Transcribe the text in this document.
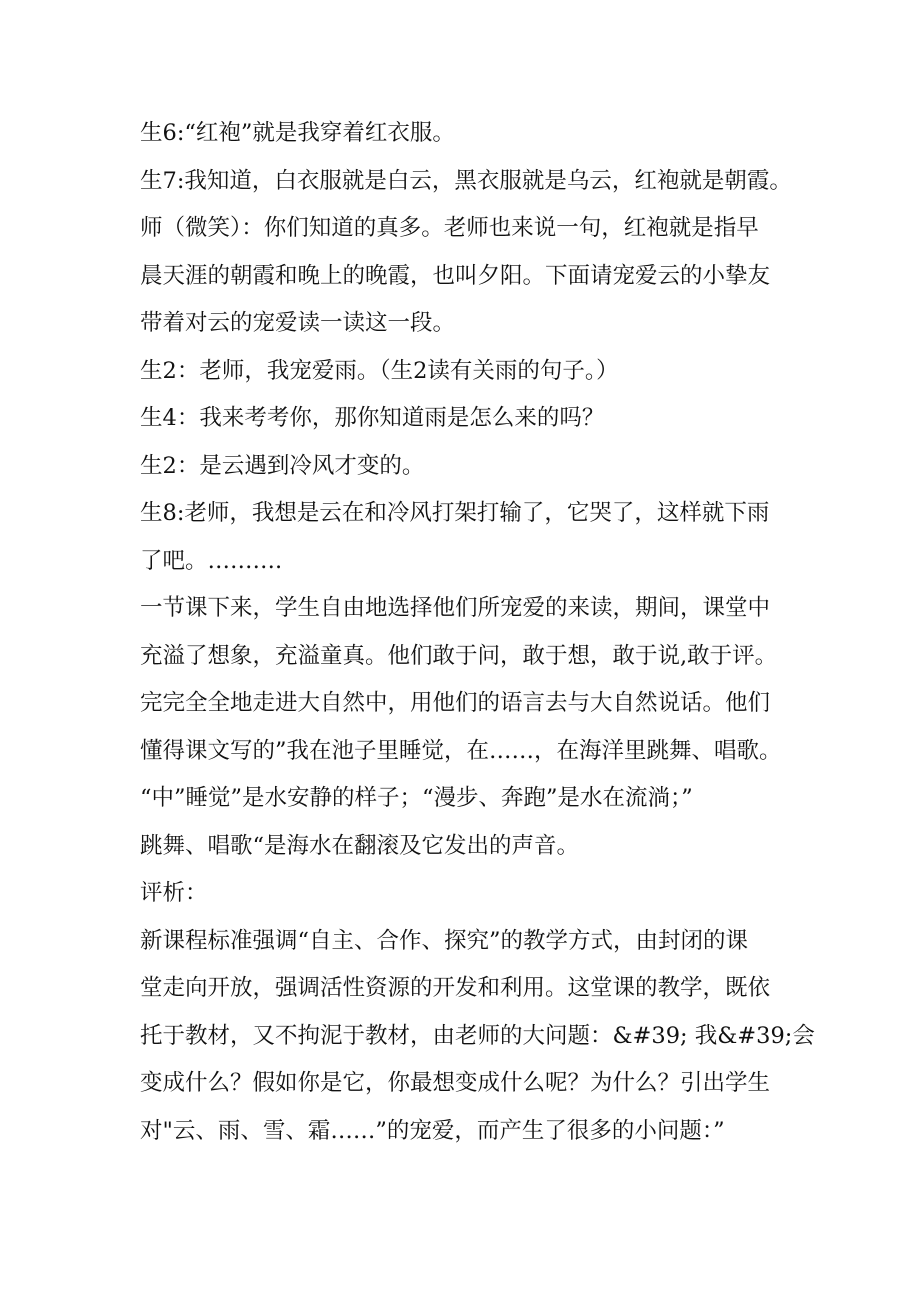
生6:“红袍”就是我穿着红衣服。
生7:我知道，白衣服就是白云，黑衣服就是乌云，红袍就是朝霞。
师（微笑）：你们知道的真多。老师也来说一句，红袍就是指早
晨天涯的朝霞和晚上的晚霞，也叫夕阳。下面请宠爱云的小挚友
带着对云的宠爱读一读这一段。
生2：老师，我宠爱雨。（生2读有关雨的句子。）
生4：我来考考你，那你知道雨是怎么来的吗？
生2：是云遇到冷风才变的。
生8:老师，我想是云在和冷风打架打输了，它哭了，这样就下雨
了吧。……….
一节课下来，学生自由地选择他们所宠爱的来读，期间，课堂中
充溢了想象，充溢童真。他们敢于问，敢于想，敢于说,敢于评。
完完全全地走进大自然中，用他们的语言去与大自然说话。他们
懂得课文写的”我在池子里睡觉，在……，在海洋里跳舞、唱歌。
“中”睡觉”是水安静的样子；“漫步、奔跑”是水在流淌；”
跳舞、唱歌“是海水在翻滚及它发出的声音。
评析：
新课程标准强调“自主、合作、探究”的教学方式，由封闭的课
堂走向开放，强调活性资源的开发和利用。这堂课的教学，既依
托于教材，又不拘泥于教材，由老师的大问题：&#39; 我&#39;会
变成什么？假如你是它，你最想变成什么呢？为什么？引出学生
对"云、雨、雪、霜……”的宠爱，而产生了很多的小问题：”
